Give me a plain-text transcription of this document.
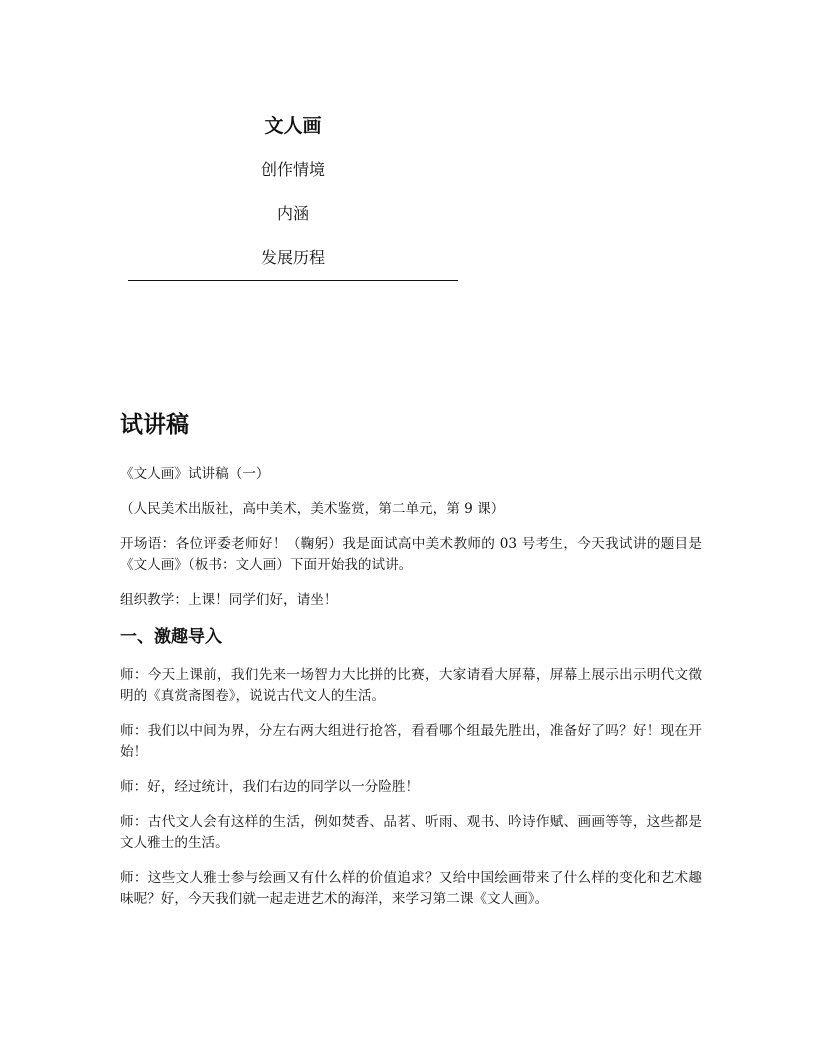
文人画
创作情境
内涵
发展历程
试讲稿

《文人画》试讲稿（一）

（人民美术出版社，高中美术，美术鉴赏，第二单元，第 9 课）

开场语：各位评委老师好！（鞠躬）我是面试高中美术教师的 03 号考生，今天我试讲的题目是《文人画》（板书：文人画）下面开始我的试讲。

组织教学：上课！同学们好，请坐！

一、激趣导入

师：今天上课前，我们先来一场智力大比拼的比赛，大家请看大屏幕，屏幕上展示出示明代文徵明的《真赏斋图卷》，说说古代文人的生活。

师：我们以中间为界，分左右两大组进行抢答，看看哪个组最先胜出，准备好了吗？好！现在开始！

师：好，经过统计，我们右边的同学以一分险胜！

师：古代文人会有这样的生活，例如焚香、品茗、听雨、观书、吟诗作赋、画画等等，这些都是文人雅士的生活。

师：这些文人雅士参与绘画又有什么样的价值追求？又给中国绘画带来了什么样的变化和艺术趣味呢？好，今天我们就一起走进艺术的海洋，来学习第二课《文人画》。
